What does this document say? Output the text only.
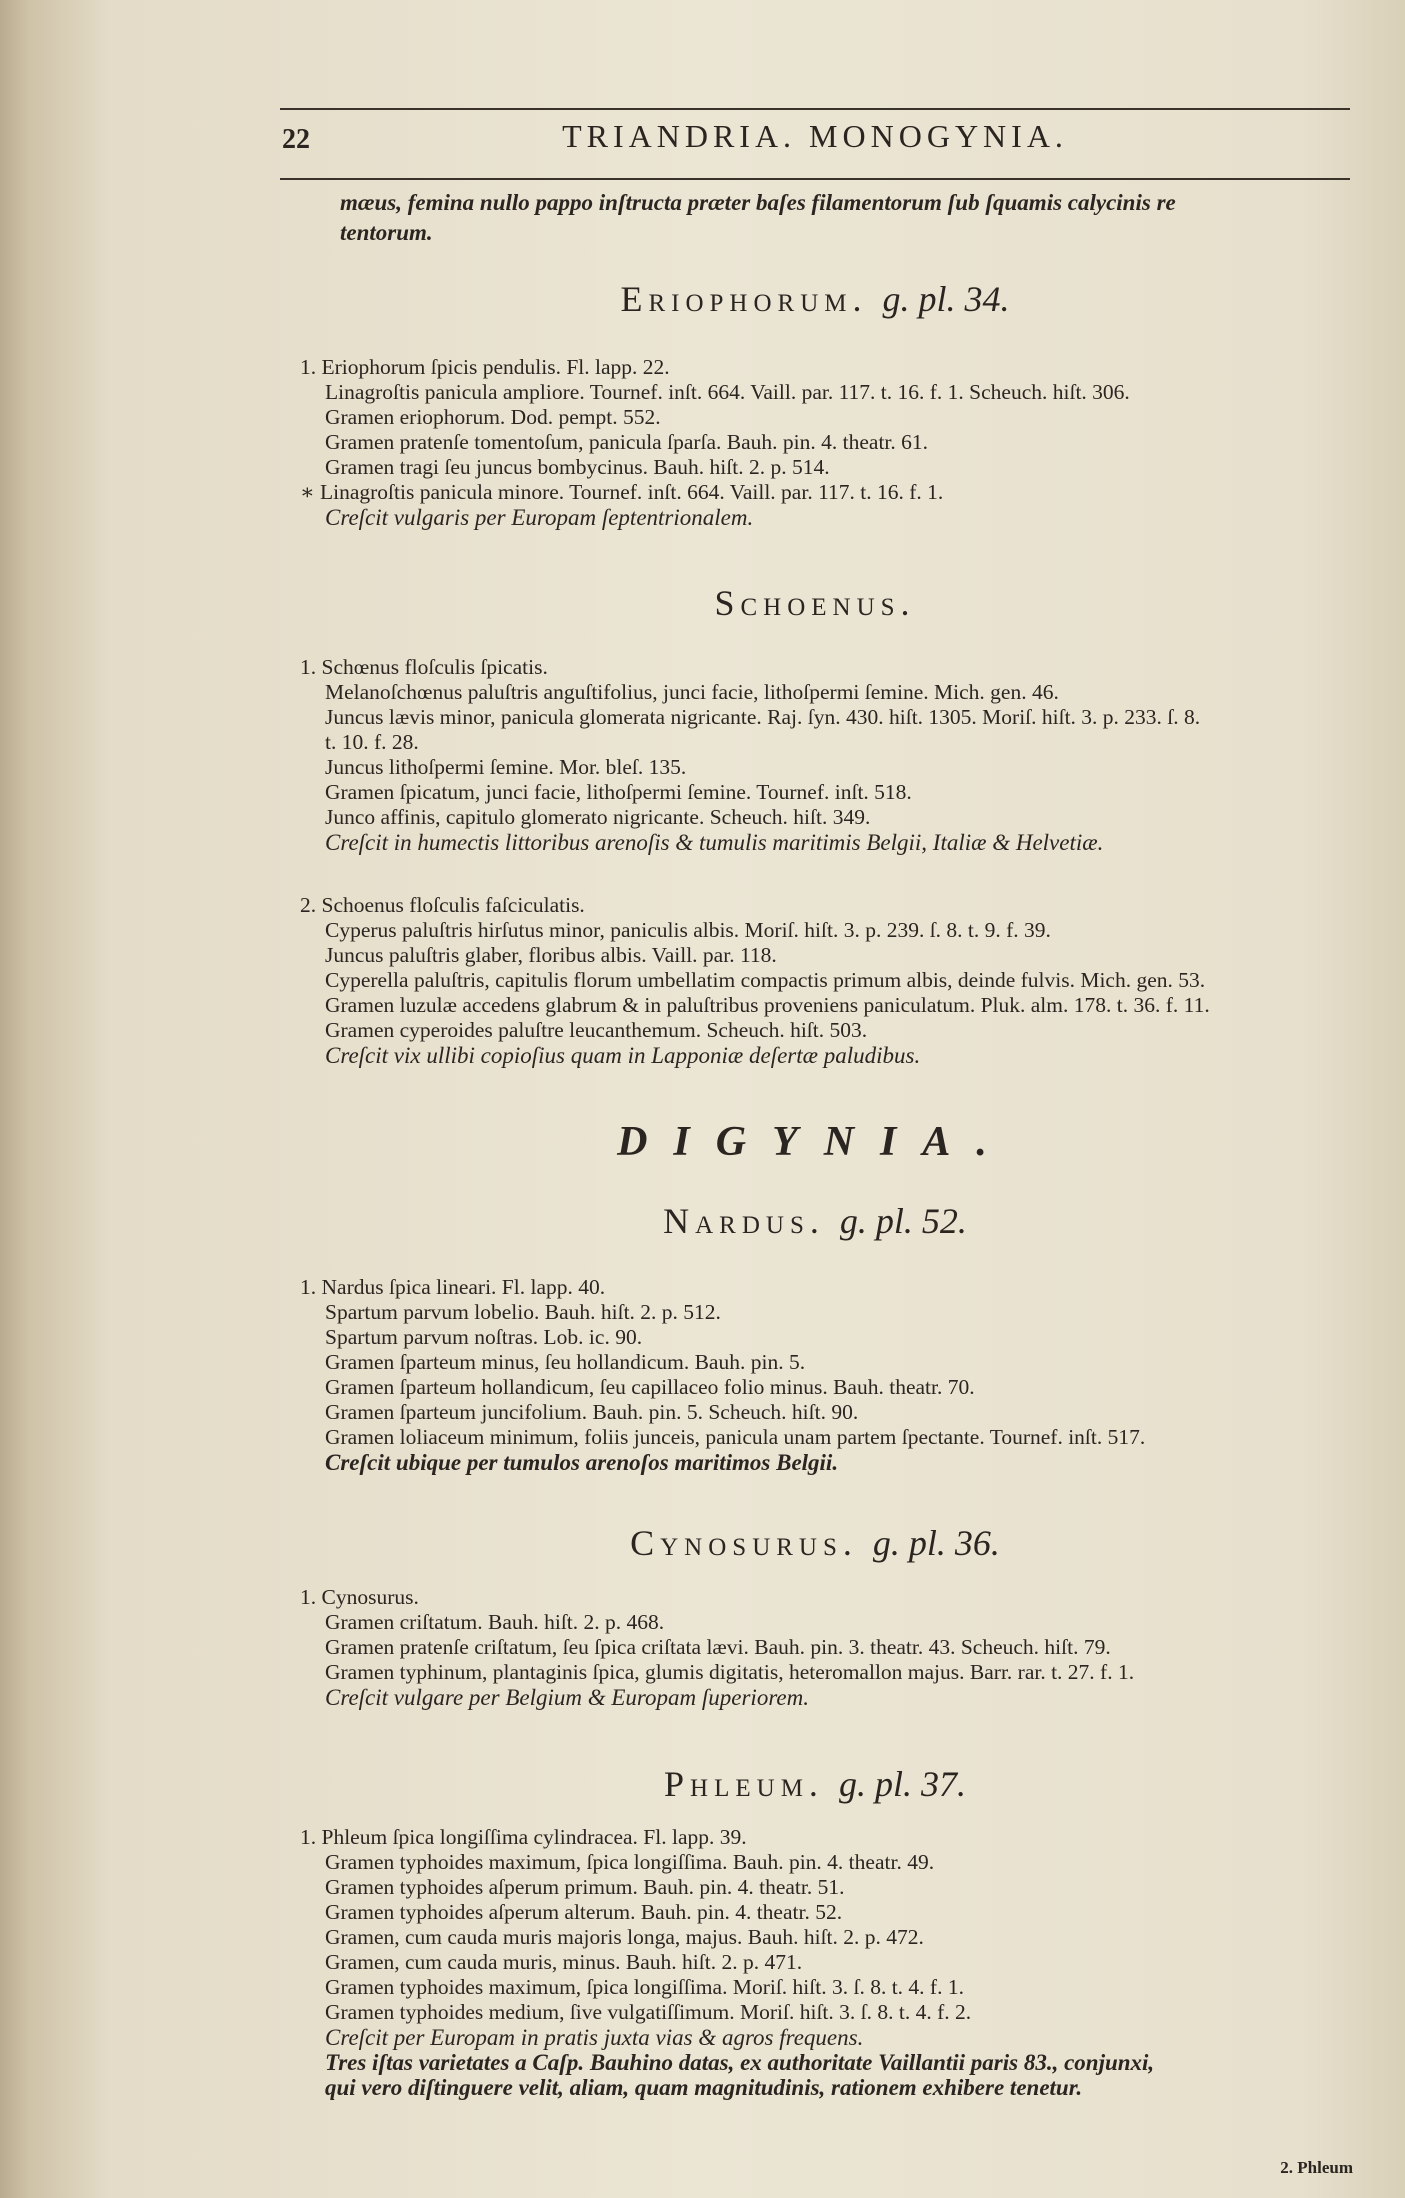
22	TRIANDRIA. MONOGYNIA.
mæus, femina nullo pappo inſtructa præter baſes filamentorum ſub ſquamis calycinis re
tentorum.
Eriophorum. g. pl. 34.
1. Eriophorum ſpicis pendulis. Fl. lapp. 22.
Linagroſtis panicula ampliore. Tournef. inſt. 664. Vaill. par. 117. t. 16. f. 1. Scheuch. hiſt. 306.
Gramen eriophorum. Dod. pempt. 552.
Gramen pratenſe tomentoſum, panicula ſparſa. Bauh. pin. 4. theatr. 61.
Gramen tragi ſeu juncus bombycinus. Bauh. hiſt. 2. p. 514.
∗ Linagroſtis panicula minore. Tournef. inſt. 664. Vaill. par. 117. t. 16. f. 1.
Creſcit vulgaris per Europam ſeptentrionalem.
Schoenus.
1. Schœnus floſculis ſpicatis.
Melanoſchœnus paluſtris anguſtifolius, junci facie, lithoſpermi ſemine. Mich. gen. 46.
Juncus lævis minor, panicula glomerata nigricante. Raj. ſyn. 430. hiſt. 1305. Moriſ. hiſt. 3. p. 233. ſ. 8.
t. 10. f. 28.
Juncus lithoſpermi ſemine. Mor. bleſ. 135.
Gramen ſpicatum, junci facie, lithoſpermi ſemine. Tournef. inſt. 518.
Junco affinis, capitulo glomerato nigricante. Scheuch. hiſt. 349.
Creſcit in humectis littoribus arenoſis & tumulis maritimis Belgii, Italiæ & Helvetiæ.
2. Schoenus floſculis faſciculatis.
Cyperus paluſtris hirſutus minor, paniculis albis. Moriſ. hiſt. 3. p. 239. ſ. 8. t. 9. f. 39.
Juncus paluſtris glaber, floribus albis. Vaill. par. 118.
Cyperella paluſtris, capitulis florum umbellatim compactis primum albis, deinde fulvis. Mich. gen. 53.
Gramen luzulæ accedens glabrum & in paluſtribus proveniens paniculatum. Pluk. alm. 178. t. 36. f. 11.
Gramen cyperoides paluſtre leucanthemum. Scheuch. hiſt. 503.
Creſcit vix ullibi copioſius quam in Lapponiæ deſertæ paludibus.
DIGYNIA.
Nardus. g. pl. 52.
1. Nardus ſpica lineari. Fl. lapp. 40.
Spartum parvum lobelio. Bauh. hiſt. 2. p. 512.
Spartum parvum noſtras. Lob. ic. 90.
Gramen ſparteum minus, ſeu hollandicum. Bauh. pin. 5.
Gramen ſparteum hollandicum, ſeu capillaceo folio minus. Bauh. theatr. 70.
Gramen ſparteum juncifolium. Bauh. pin. 5. Scheuch. hiſt. 90.
Gramen loliaceum minimum, foliis junceis, panicula unam partem ſpectante. Tournef. inſt. 517.
Creſcit ubique per tumulos arenoſos maritimos Belgii.
Cynosurus. g. pl. 36.
1. Cynosurus.
Gramen criſtatum. Bauh. hiſt. 2. p. 468.
Gramen pratenſe criſtatum, ſeu ſpica criſtata lævi. Bauh. pin. 3. theatr. 43. Scheuch. hiſt. 79.
Gramen typhinum, plantaginis ſpica, glumis digitatis, heteromallon majus. Barr. rar. t. 27. f. 1.
Creſcit vulgare per Belgium & Europam ſuperiorem.
Phleum. g. pl. 37.
1. Phleum ſpica longiſſima cylindracea. Fl. lapp. 39.
Gramen typhoides maximum, ſpica longiſſima. Bauh. pin. 4. theatr. 49.
Gramen typhoides aſperum primum. Bauh. pin. 4. theatr. 51.
Gramen typhoides aſperum alterum. Bauh. pin. 4. theatr. 52.
Gramen, cum cauda muris majoris longa, majus. Bauh. hiſt. 2. p. 472.
Gramen, cum cauda muris, minus. Bauh. hiſt. 2. p. 471.
Gramen typhoides maximum, ſpica longiſſima. Moriſ. hiſt. 3. ſ. 8. t. 4. f. 1.
Gramen typhoides medium, ſive vulgatiſſimum. Moriſ. hiſt. 3. ſ. 8. t. 4. f. 2.
Creſcit per Europam in pratis juxta vias & agros frequens.
Tres iſtas varietates a Caſp. Bauhino datas, ex authoritate Vaillantii paris 83., conjunxi,
qui vero diſtinguere velit, aliam, quam magnitudinis, rationem exhibere tenetur.
2. Phleum
